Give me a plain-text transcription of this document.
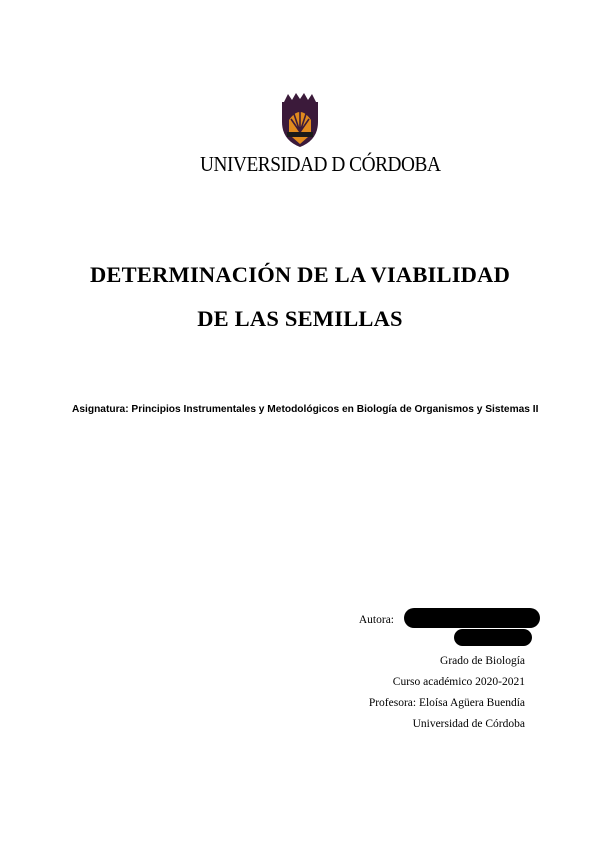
UNIVERSIDAD D CÓRDOBA
DETERMINACIÓN DE LA VIABILIDAD
DE LAS SEMILLAS
Asignatura: Principios Instrumentales y Metodológicos en Biología de Organismos y Sistemas II
Autora:
Grado de Biología
Curso académico 2020-2021
Profesora: Eloísa Agüera Buendía
Universidad de Córdoba
